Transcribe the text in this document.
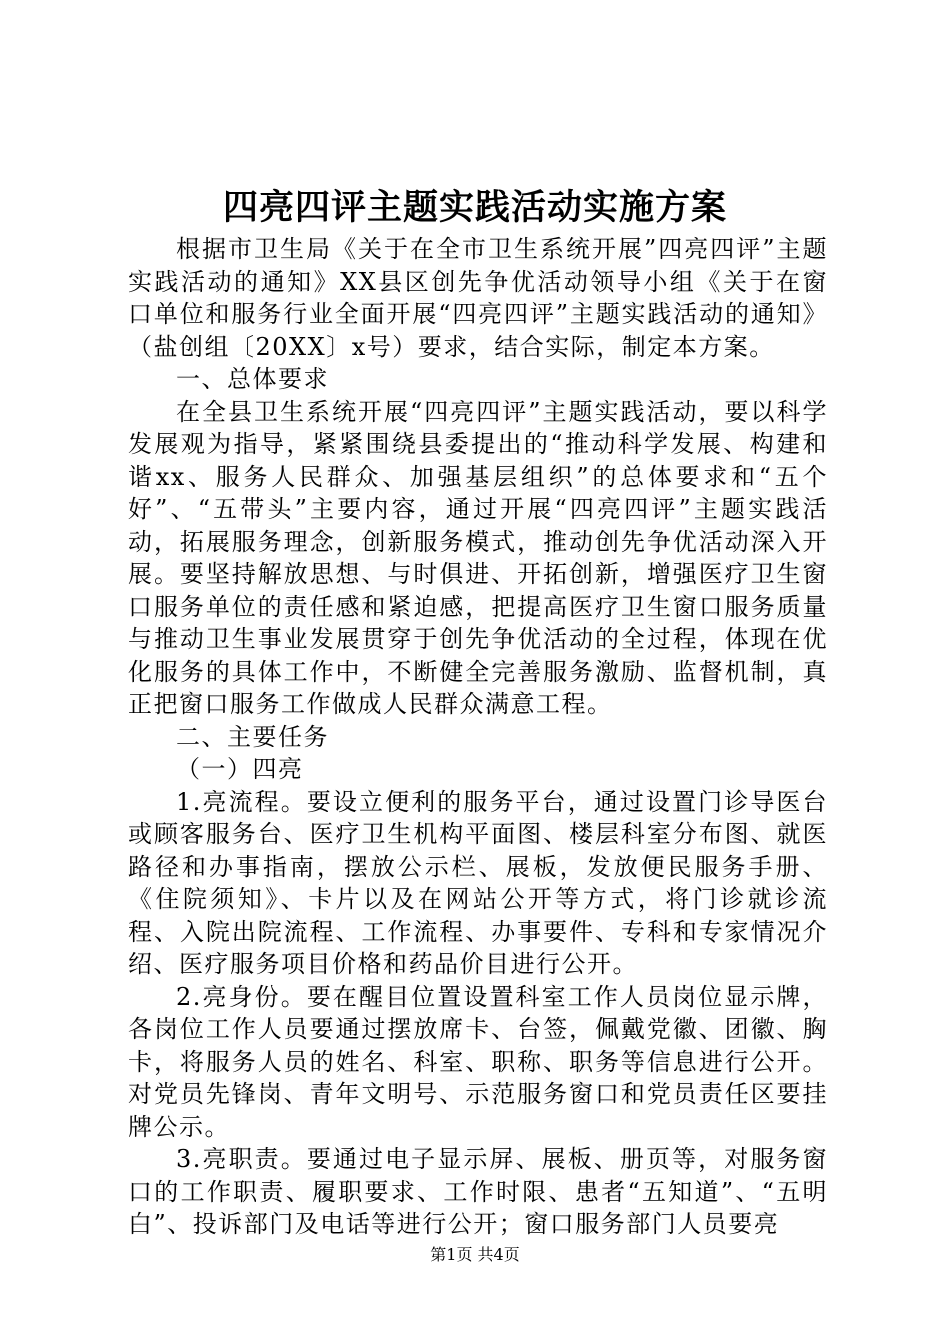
四亮四评主题实践活动实施方案

根据市卫生局《关于在全市卫生系统开展”四亮四评”主题实践活动的通知》XX县区创先争优活动领导小组《关于在窗口单位和服务行业全面开展“四亮四评”主题实践活动的通知》（盐创组〔20XX〕x号）要求，结合实际，制定本方案。

一、总体要求

在全县卫生系统开展“四亮四评”主题实践活动，要以科学发展观为指导，紧紧围绕县委提出的“推动科学发展、构建和谐xx、服务人民群众、加强基层组织”的总体要求和“五个好”、“五带头”主要内容，通过开展“四亮四评”主题实践活动，拓展服务理念，创新服务模式，推动创先争优活动深入开展。要坚持解放思想、与时俱进、开拓创新，增强医疗卫生窗口服务单位的责任感和紧迫感，把提高医疗卫生窗口服务质量与推动卫生事业发展贯穿于创先争优活动的全过程，体现在优化服务的具体工作中，不断健全完善服务激励、监督机制，真正把窗口服务工作做成人民群众满意工程。

二、主要任务

（一）四亮

1.亮流程。要设立便利的服务平台，通过设置门诊导医台或顾客服务台、医疗卫生机构平面图、楼层科室分布图、就医路径和办事指南，摆放公示栏、展板，发放便民服务手册、《住院须知》、卡片以及在网站公开等方式，将门诊就诊流程、入院出院流程、工作流程、办事要件、专科和专家情况介绍、医疗服务项目价格和药品价目进行公开。

2.亮身份。要在醒目位置设置科室工作人员岗位显示牌，各岗位工作人员要通过摆放席卡、台签，佩戴党徽、团徽、胸卡，将服务人员的姓名、科室、职称、职务等信息进行公开。对党员先锋岗、青年文明号、示范服务窗口和党员责任区要挂牌公示。

3.亮职责。要通过电子显示屏、展板、册页等，对服务窗口的工作职责、履职要求、工作时限、患者“五知道”、“五明白”、投诉部门及电话等进行公开；窗口服务部门人员要亮

第1页 共4页
